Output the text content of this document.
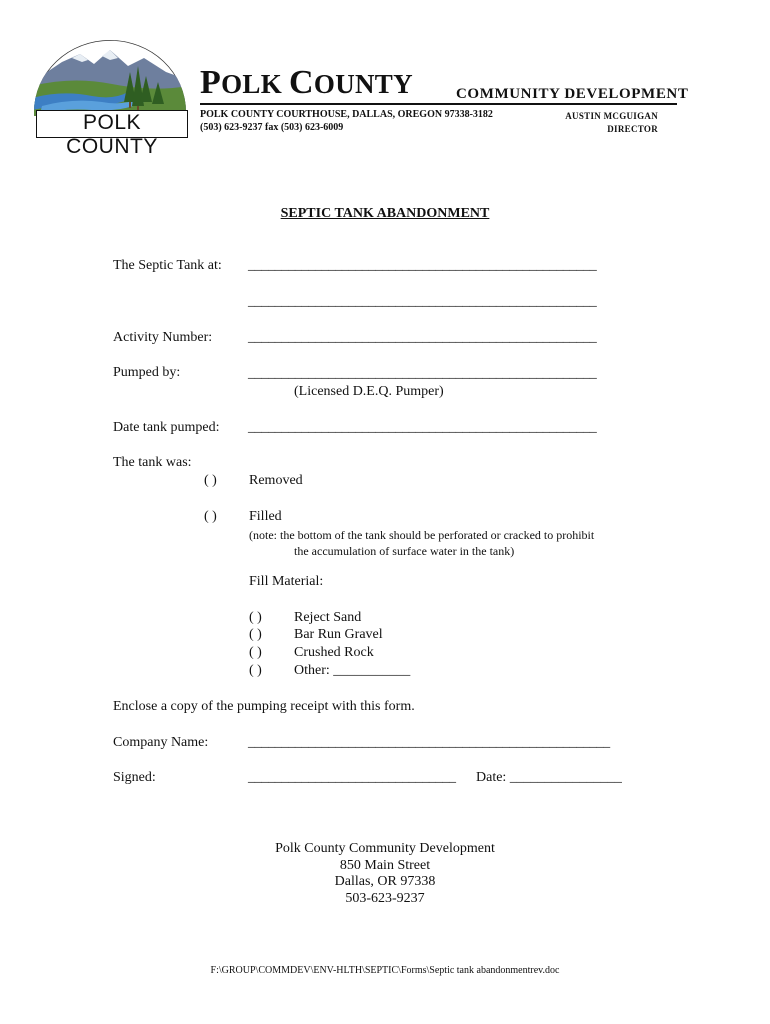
POLK COUNTY
POLK COUNTY	COMMUNITY DEVELOPMENT
POLK COUNTY COURTHOUSE, DALLAS, OREGON 97338-3182
(503) 623-9237 fax (503) 623-6009
AUSTIN MCGUIGAN
DIRECTOR
SEPTIC TANK ABANDONMENT
The Septic Tank at: ____________________________________________________
____________________________________________________
Activity Number:	____________________________________________________
Pumped by:	____________________________________________________
(Licensed D.E.Q. Pumper)
Date tank pumped: ____________________________________________________
The tank was:
( ) Removed
( ) Filled
(note: the bottom of the tank should be perforated or cracked to prohibit
the accumulation of surface water in the tank)
Fill Material:
( ) Reject Sand
( ) Bar Run Gravel
( ) Crushed Rock
( ) Other: ___________
Enclose a copy of the pumping receipt with this form.
Company Name:	______________________________________________________
Signed:	_______________________________ Date: ________________
Polk County Community Development
850 Main Street
Dallas, OR 97338
503-623-9237
F:\GROUP\COMMDEV\ENV-HLTH\SEPTIC\Forms\Septic tank abandonmentrev.doc
